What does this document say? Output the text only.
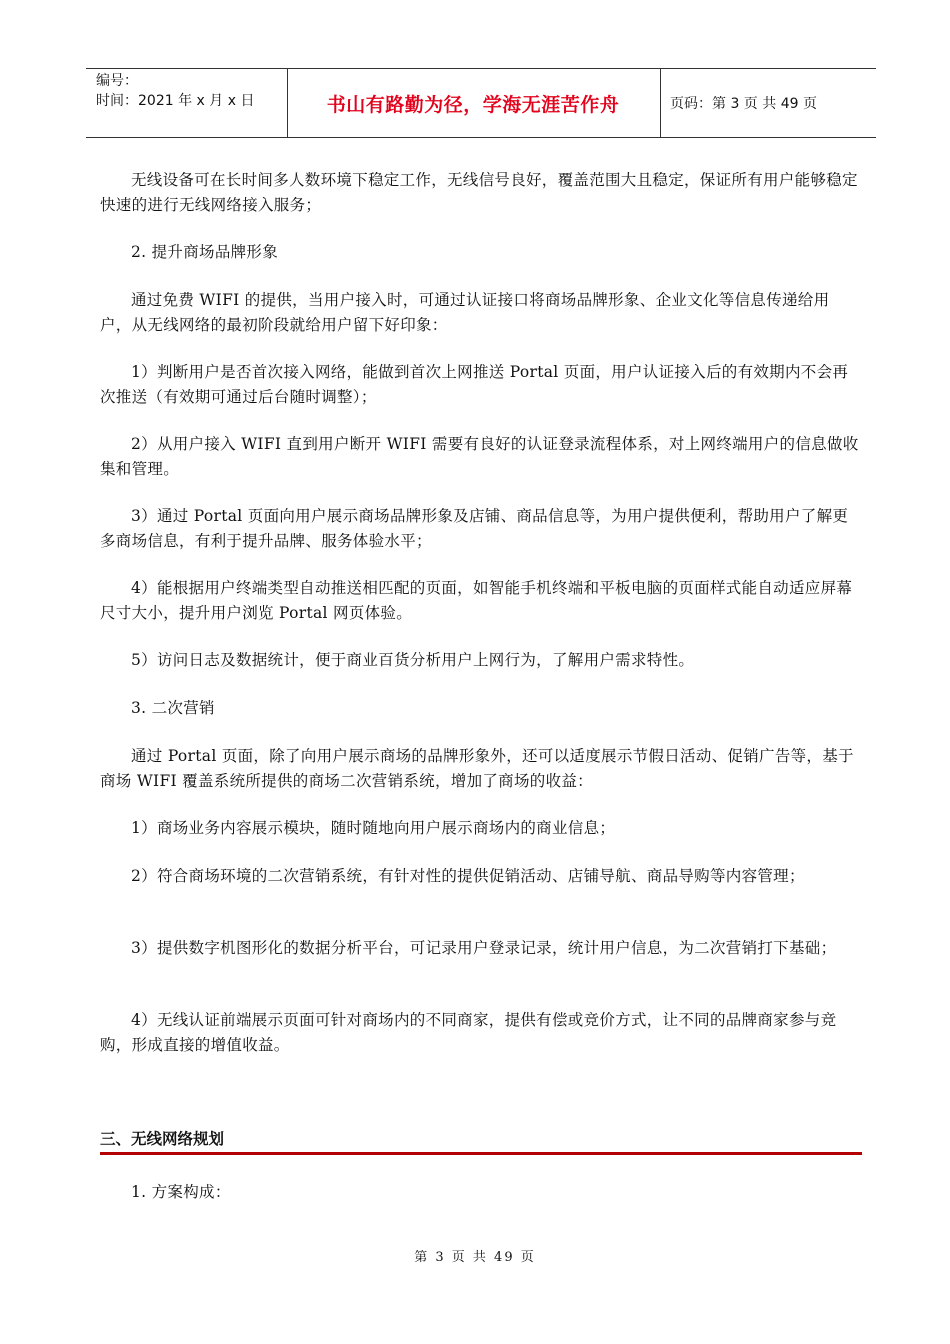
编号：
时间：2021 年 x 月 x 日	书山有路勤为径，学海无涯苦作舟	页码：第 3 页 共 49 页

无线设备可在长时间多人数环境下稳定工作，无线信号良好，覆盖范围大且稳定，保证所有用户能够稳定快速的进行无线网络接入服务；

2. 提升商场品牌形象

通过免费 WIFI 的提供，当用户接入时，可通过认证接口将商场品牌形象、企业文化等信息传递给用户，从无线网络的最初阶段就给用户留下好印象：

1）判断用户是否首次接入网络，能做到首次上网推送 Portal 页面，用户认证接入后的有效期内不会再次推送（有效期可通过后台随时调整）；

2）从用户接入 WIFI 直到用户断开 WIFI 需要有良好的认证登录流程体系，对上网终端用户的信息做收集和管理。

3）通过 Portal 页面向用户展示商场品牌形象及店铺、商品信息等，为用户提供便利，帮助用户了解更多商场信息，有利于提升品牌、服务体验水平；

4）能根据用户终端类型自动推送相匹配的页面，如智能手机终端和平板电脑的页面样式能自动适应屏幕尺寸大小，提升用户浏览 Portal 网页体验。

5）访问日志及数据统计，便于商业百货分析用户上网行为，了解用户需求特性。

3. 二次营销

通过 Portal 页面，除了向用户展示商场的品牌形象外，还可以适度展示节假日活动、促销广告等，基于商场 WIFI 覆盖系统所提供的商场二次营销系统，增加了商场的收益：

1）商场业务内容展示模块，随时随地向用户展示商场内的商业信息；

2）符合商场环境的二次营销系统，有针对性的提供促销活动、店铺导航、商品导购等内容管理；

3）提供数字机图形化的数据分析平台，可记录用户登录记录，统计用户信息，为二次营销打下基础；

4）无线认证前端展示页面可针对商场内的不同商家，提供有偿或竞价方式，让不同的品牌商家参与竞购，形成直接的增值收益。

三、无线网络规划

1. 方案构成：

第 3 页 共 49 页
